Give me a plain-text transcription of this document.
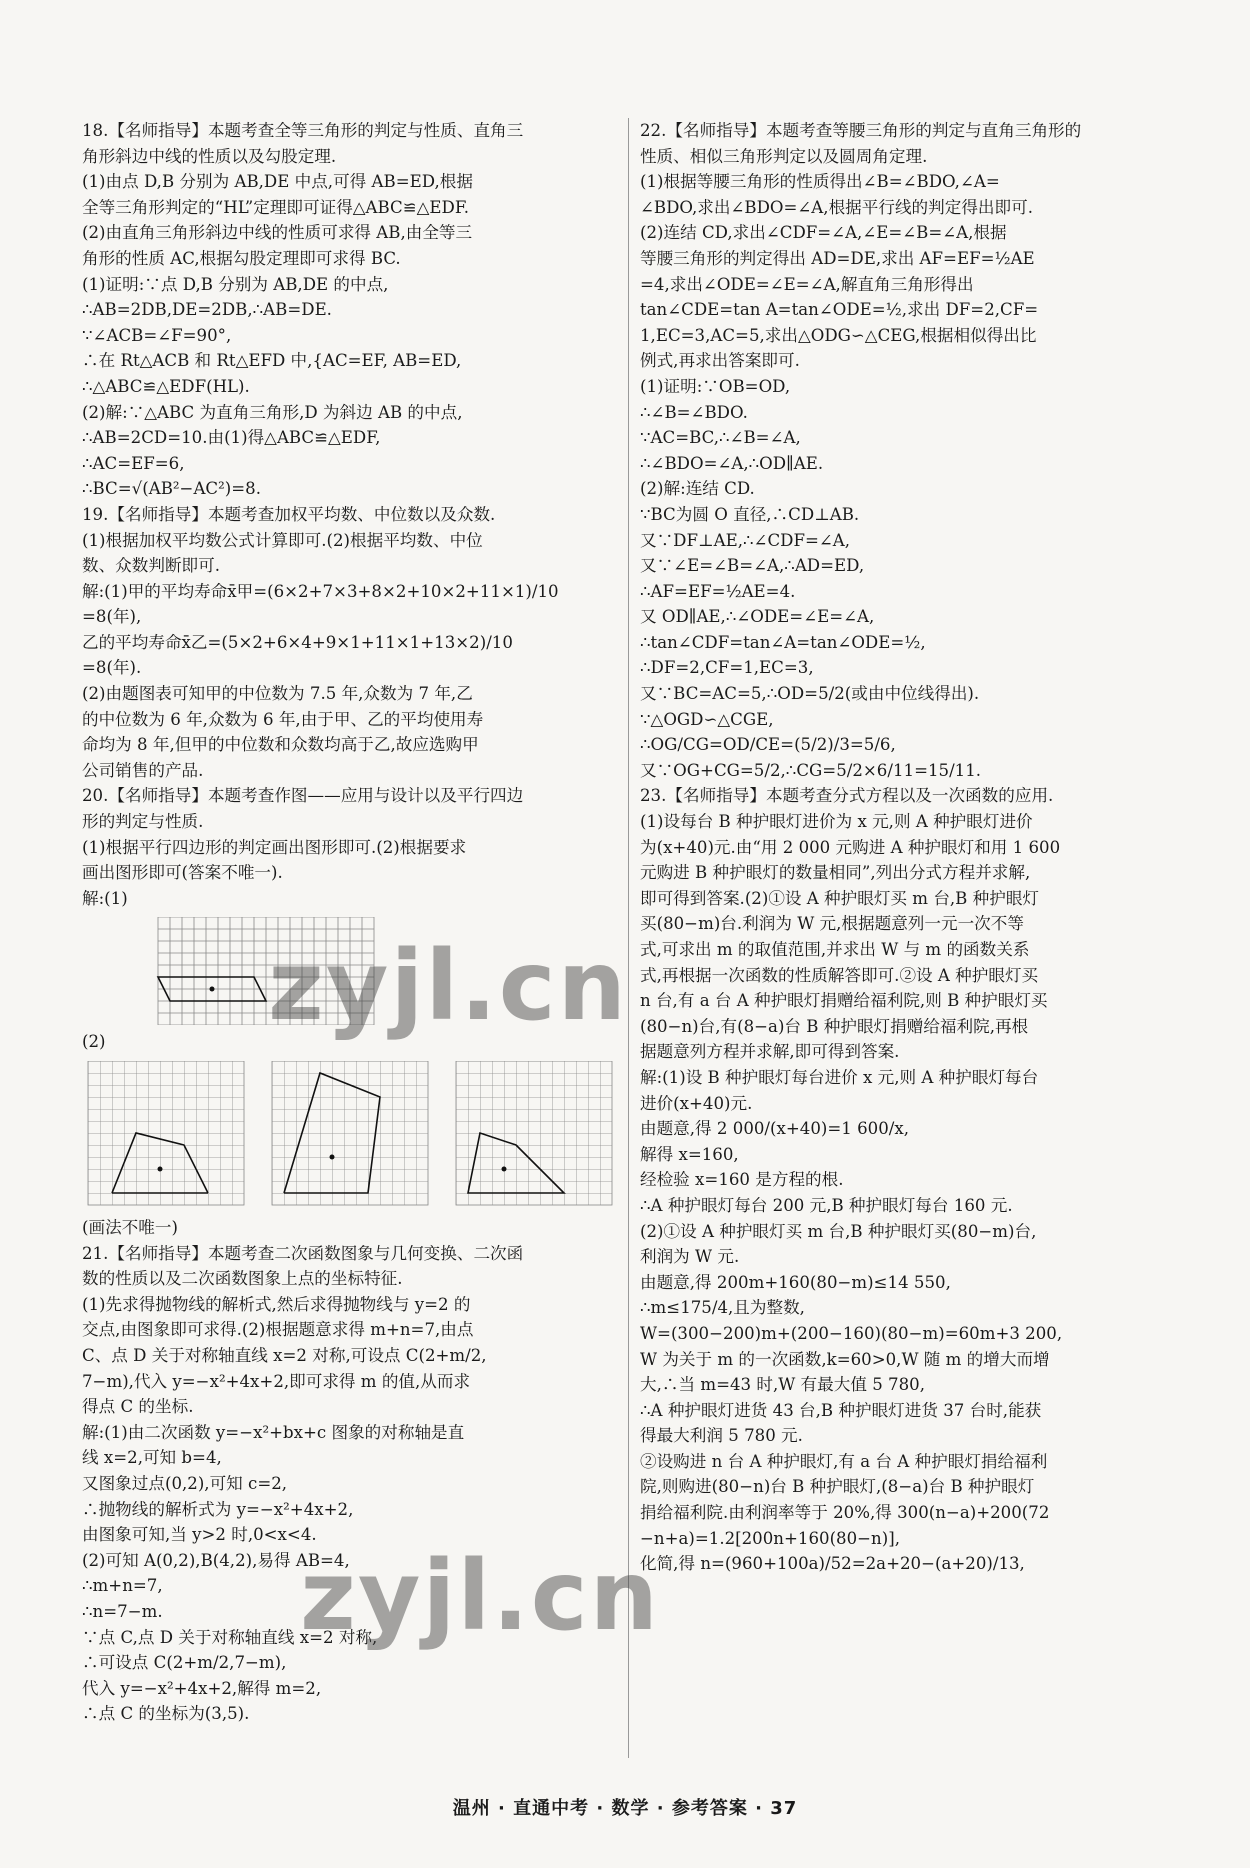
18.【名师指导】本题考查全等三角形的判定与性质、直角三

角形斜边中线的性质以及勾股定理.

(1)由点 D,B 分别为 AB,DE 中点,可得 AB=ED,根据

全等三角形判定的“HL”定理即可证得△ABC≌△EDF.

(2)由直角三角形斜边中线的性质可求得 AB,由全等三

角形的性质 AC,根据勾股定理即可求得 BC.

(1)证明:∵点 D,B 分别为 AB,DE 的中点,

∴AB=2DB,DE=2DB,∴AB=DE.

∵∠ACB=∠F=90°,

∴在 Rt△ACB 和 Rt△EFD 中,{AC=EF, AB=ED,

∴△ABC≌△EDF(HL).

(2)解:∵△ABC 为直角三角形,D 为斜边 AB 的中点,

∴AB=2CD=10.由(1)得△ABC≌△EDF,

∴AC=EF=6,

∴BC=√(AB²−AC²)=8.

19.【名师指导】本题考查加权平均数、中位数以及众数.

(1)根据加权平均数公式计算即可.(2)根据平均数、中位

数、众数判断即可.

解:(1)甲的平均寿命x̄甲=(6×2+7×3+8×2+10×2+11×1)/10

=8(年),

乙的平均寿命x̄乙=(5×2+6×4+9×1+11×1+13×2)/10

=8(年).

(2)由题图表可知甲的中位数为 7.5 年,众数为 7 年,乙

的中位数为 6 年,众数为 6 年,由于甲、乙的平均使用寿

命均为 8 年,但甲的中位数和众数均高于乙,故应选购甲

公司销售的产品.

20.【名师指导】本题考查作图——应用与设计以及平行四边

形的判定与性质.

(1)根据平行四边形的判定画出图形即可.(2)根据要求

画出图形即可(答案不唯一).

解:(1)

(2)

(画法不唯一)

21.【名师指导】本题考查二次函数图象与几何变换、二次函

数的性质以及二次函数图象上点的坐标特征.

(1)先求得抛物线的解析式,然后求得抛物线与 y=2 的

交点,由图象即可求得.(2)根据题意求得 m+n=7,由点

C、点 D 关于对称轴直线 x=2 对称,可设点 C(2+m/2,

7−m),代入 y=−x²+4x+2,即可求得 m 的值,从而求

得点 C 的坐标.

解:(1)由二次函数 y=−x²+bx+c 图象的对称轴是直

线 x=2,可知 b=4,

又图象过点(0,2),可知 c=2,

∴抛物线的解析式为 y=−x²+4x+2,

由图象可知,当 y>2 时,0<x<4.

(2)可知 A(0,2),B(4,2),易得 AB=4,

∴m+n=7,

∴n=7−m.

∵点 C,点 D 关于对称轴直线 x=2 对称,

∴可设点 C(2+m/2,7−m),

代入 y=−x²+4x+2,解得 m=2,

∴点 C 的坐标为(3,5).

22.【名师指导】本题考查等腰三角形的判定与直角三角形的

性质、相似三角形判定以及圆周角定理.

(1)根据等腰三角形的性质得出∠B=∠BDO,∠A=

∠BDO,求出∠BDO=∠A,根据平行线的判定得出即可.

(2)连结 CD,求出∠CDF=∠A,∠E=∠B=∠A,根据

等腰三角形的判定得出 AD=DE,求出 AF=EF=½AE

=4,求出∠ODE=∠E=∠A,解直角三角形得出

tan∠CDE=tan A=tan∠ODE=½,求出 DF=2,CF=

1,EC=3,AC=5,求出△ODG∽△CEG,根据相似得出比

例式,再求出答案即可.

(1)证明:∵OB=OD,

∴∠B=∠BDO.

∵AC=BC,∴∠B=∠A,

∴∠BDO=∠A,∴OD∥AE.

(2)解:连结 CD.

∵BC为圆 O 直径,∴CD⊥AB.

又∵DF⊥AE,∴∠CDF=∠A,

又∵∠E=∠B=∠A,∴AD=ED,

∴AF=EF=½AE=4.

又 OD∥AE,∴∠ODE=∠E=∠A,

∴tan∠CDF=tan∠A=tan∠ODE=½,

∴DF=2,CF=1,EC=3,

又∵BC=AC=5,∴OD=5/2(或由中位线得出).

∵△OGD∽△CGE,

∴OG/CG=OD/CE=(5/2)/3=5/6,

又∵OG+CG=5/2,∴CG=5/2×6/11=15/11.

23.【名师指导】本题考查分式方程以及一次函数的应用.

(1)设每台 B 种护眼灯进价为 x 元,则 A 种护眼灯进价

为(x+40)元.由“用 2 000 元购进 A 种护眼灯和用 1 600

元购进 B 种护眼灯的数量相同”,列出分式方程并求解,

即可得到答案.(2)①设 A 种护眼灯买 m 台,B 种护眼灯

买(80−m)台.利润为 W 元,根据题意列一元一次不等

式,可求出 m 的取值范围,并求出 W 与 m 的函数关系

式,再根据一次函数的性质解答即可.②设 A 种护眼灯买

n 台,有 a 台 A 种护眼灯捐赠给福利院,则 B 种护眼灯买

(80−n)台,有(8−a)台 B 种护眼灯捐赠给福利院,再根

据题意列方程并求解,即可得到答案.

解:(1)设 B 种护眼灯每台进价 x 元,则 A 种护眼灯每台

进价(x+40)元.

由题意,得 2 000/(x+40)=1 600/x,

解得 x=160,

经检验 x=160 是方程的根.

∴A 种护眼灯每台 200 元,B 种护眼灯每台 160 元.

(2)①设 A 种护眼灯买 m 台,B 种护眼灯买(80−m)台,

利润为 W 元.

由题意,得 200m+160(80−m)≤14 550,

∴m≤175/4,且为整数,

W=(300−200)m+(200−160)(80−m)=60m+3 200,

W 为关于 m 的一次函数,k=60>0,W 随 m 的增大而增

大,∴当 m=43 时,W 有最大值 5 780,

∴A 种护眼灯进货 43 台,B 种护眼灯进货 37 台时,能获

得最大利润 5 780 元.

②设购进 n 台 A 种护眼灯,有 a 台 A 种护眼灯捐给福利

院,则购进(80−n)台 B 种护眼灯,(8−a)台 B 种护眼灯

捐给福利院.由利润率等于 20%,得 300(n−a)+200(72

−n+a)=1.2[200n+160(80−n)],

化简,得 n=(960+100a)/52=2a+20−(a+20)/13,

zyjl.cn
zyjl.cn
温州 · 直通中考 · 数学 · 参考答案 · 37
